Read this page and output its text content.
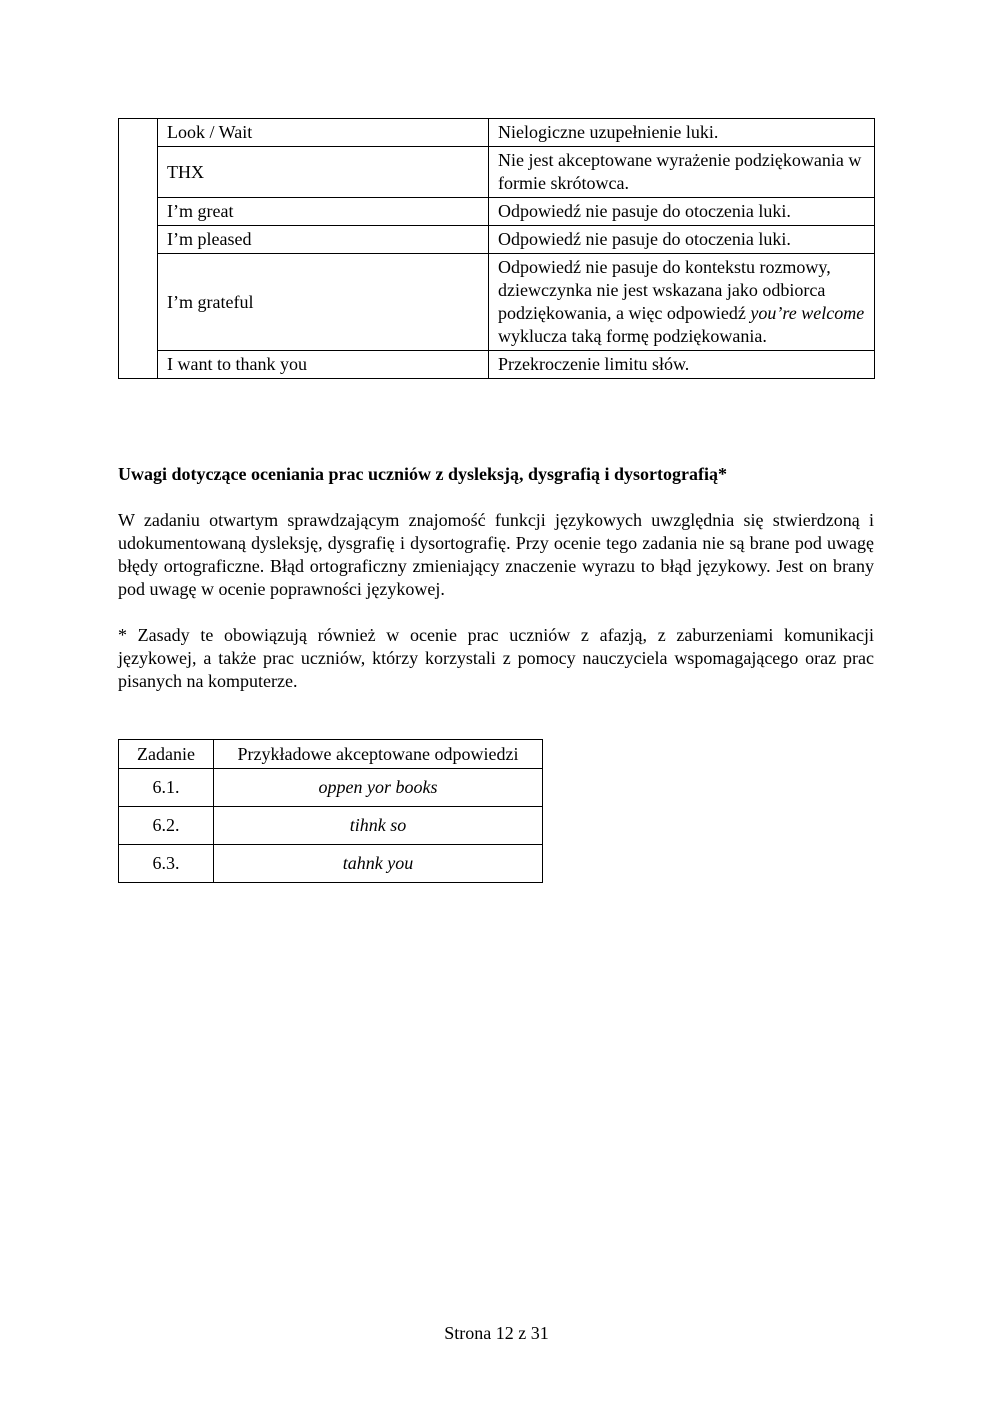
	Look / Wait	Nielogiczne uzupełnienie luki.
	THX	Nie jest akceptowane wyrażenie podziękowania w formie skrótowca.
	I’m great	Odpowiedź nie pasuje do otoczenia luki.
	I’m pleased	Odpowiedź nie pasuje do otoczenia luki.
	I’m grateful	Odpowiedź nie pasuje do kontekstu rozmowy, dziewczynka nie jest wskazana jako odbiorca podziękowania, a więc odpowiedź you’re welcome wyklucza taką formę podziękowania.
	I want to thank you	Przekroczenie limitu słów.

Uwagi dotyczące oceniania prac uczniów z dysleksją, dysgrafią i dysortografią*

W zadaniu otwartym sprawdzającym znajomość funkcji językowych uwzględnia się stwierdzoną i udokumentowaną dysleksję, dysgrafię i dysortografię. Przy ocenie tego zadania nie są brane pod uwagę błędy ortograficzne. Błąd ortograficzny zmieniający znaczenie wyrazu to błąd językowy. Jest on brany pod uwagę w ocenie poprawności językowej.

* Zasady te obowiązują również w ocenie prac uczniów z afazją, z zaburzeniami komunikacji językowej, a także prac uczniów, którzy korzystali z pomocy nauczyciela wspomagającego oraz prac pisanych na komputerze.

Zadanie	Przykładowe akceptowane odpowiedzi
6.1.	oppen yor books
6.2.	tihnk so
6.3.	tahnk you
Strona 12 z 31
